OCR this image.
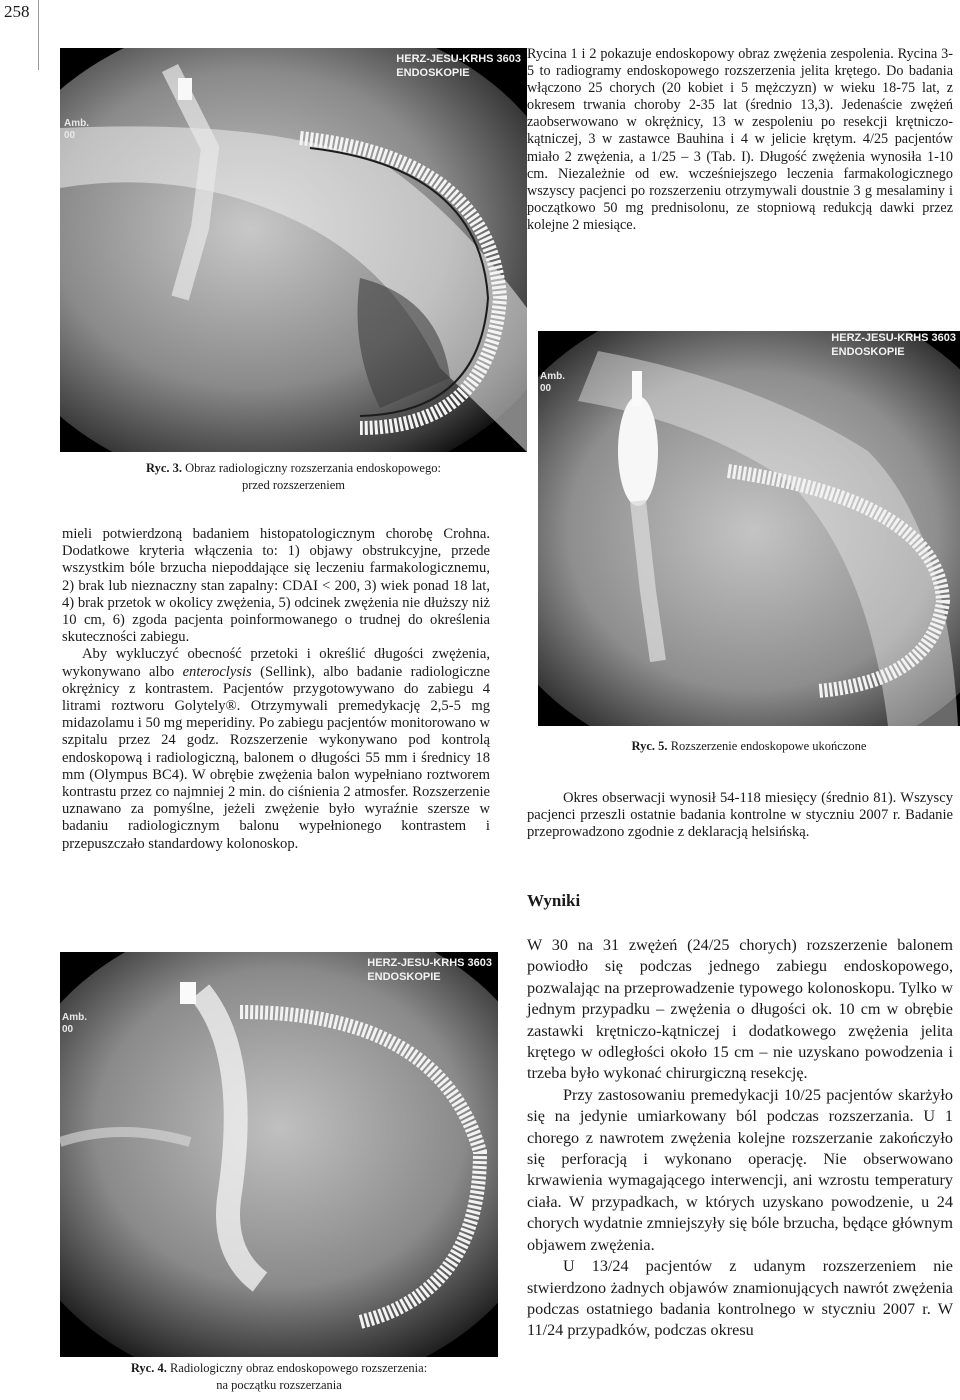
258
HERZ-JESU-KRHS 3603
ENDOSKOPIE
Amb.
00
Ryc. 3. Obraz radiologiczny rozszerzania endoskopowego:
przed rozszerzeniem

Rycina 1 i 2 pokazuje endoskopowy obraz zwężenia zespolenia. Rycina 3-5 to radiogramy endoskopowego rozszerzenia jelita krętego. Do badania włączono 25 chorych (20 kobiet i 5 mężczyzn) w wieku 18-75 lat, z okresem trwania choroby 2-35 lat (średnio 13,3). Jedenaście zwężeń zaobserwowano w okrężnicy, 13 w zespoleniu po resekcji krętniczo-kątniczej, 3 w zastawce Bauhina i 4 w jelicie krętym. 4/25 pacjentów miało 2 zwężenia, a 1/25 – 3 (Tab. I). Długość zwężenia wynosiła 1-10 cm. Niezależnie od ew. wcześniejszego leczenia farmakologicznego wszyscy pacjenci po rozszerzeniu otrzymywali doustnie 3 g mesalaminy i początkowo 50 mg prednisolonu, ze stopniową redukcją dawki przez kolejne 2 miesiące.

HERZ-JESU-KRHS 3603
ENDOSKOPIE
Amb.
00
Ryc. 5. Rozszerzenie endoskopowe ukończone

mieli potwierdzoną badaniem histopatologicznym chorobę Crohna. Dodatkowe kryteria włączenia to: 1) objawy obstrukcyjne, przede wszystkim bóle brzucha niepoddające się leczeniu farmakologicznemu, 2) brak lub nieznaczny stan zapalny: CDAI < 200, 3) wiek ponad 18 lat, 4) brak przetok w okolicy zwężenia, 5) odcinek zwężenia nie dłuższy niż 10 cm, 6) zgoda pacjenta poinformowanego o trudnej do określenia skuteczności zabiegu.

Aby wykluczyć obecność przetoki i określić długości zwężenia, wykonywano albo enteroclysis (Sellink), albo badanie radiologiczne okrężnicy z kontrastem. Pacjentów przygotowywano do zabiegu 4 litrami roztworu Golytely®. Otrzymywali premedykację 2,5-5 mg midazolamu i 50 mg meperidiny. Po zabiegu pacjentów monitorowano w szpitalu przez 24 godz. Rozszerzenie wykonywano pod kontrolą endoskopową i radiologiczną, balonem o długości 55 mm i średnicy 18 mm (Olympus BC4). W obrębie zwężenia balon wypełniano roztworem kontrastu przez co najmniej 2 min. do ciśnienia 2 atmosfer. Rozszerzenie uznawano za pomyślne, jeżeli zwężenie było wyraźnie szersze w badaniu radiologicznym balonu wypełnionego kontrastem i przepuszczało standardowy kolonoskop.

HERZ-JESU-KRHS 3603
ENDOSKOPIE
Amb.
00
Ryc. 4. Radiologiczny obraz endoskopowego rozszerzenia:
na początku rozszerzania

Okres obserwacji wynosił 54-118 miesięcy (średnio 81). Wszyscy pacjenci przeszli ostatnie badania kontrolne w styczniu 2007 r. Badanie przeprowadzono zgodnie z deklaracją helsińską.

Wyniki

W 30 na 31 zwężeń (24/25 chorych) rozszerzenie balonem powiodło się podczas jednego zabiegu endoskopowego, pozwalając na przeprowadzenie typowego kolonoskopu. Tylko w jednym przypadku – zwężenia o długości ok. 10 cm w obrębie zastawki krętniczo-kątniczej i dodatkowego zwężenia jelita krętego w odległości około 15 cm – nie uzyskano powodzenia i trzeba było wykonać chirurgiczną resekcję.

Przy zastosowaniu premedykacji 10/25 pacjentów skarżyło się na jedynie umiarkowany ból podczas rozszerzania. U 1 chorego z nawrotem zwężenia kolejne rozszerzanie zakończyło się perforacją i wykonano operację. Nie obserwowano krwawienia wymagającego interwencji, ani wzrostu temperatury ciała. W przypadkach, w których uzyskano powodzenie, u 24 chorych wydatnie zmniejszyły się bóle brzucha, będące głównym objawem zwężenia.

U 13/24 pacjentów z udanym rozszerzeniem nie stwierdzono żadnych objawów znamionujących nawrót zwężenia podczas ostatniego badania kontrolnego w styczniu 2007 r. W 11/24 przypadków, podczas okresu
